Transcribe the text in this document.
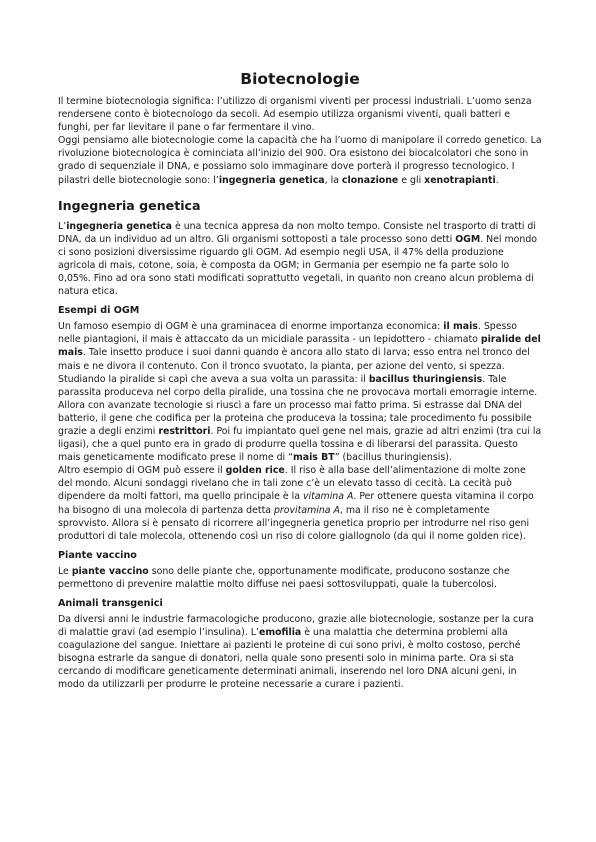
Biotecnologie

Il termine biotecnologia significa: l’utilizzo di organismi viventi per processi industriali. L’uomo senza rendersene conto è biotecnologo da secoli. Ad esempio utilizza organismi viventi, quali batteri e funghi, per far lievitare il pane o far fermentare il vino.

Oggi pensiamo alle biotecnologie come la capacità che ha l’uomo di manipolare il corredo genetico. La rivoluzione biotecnologica è cominciata all’inizio del 900. Ora esistono dei biocalcolatori che sono in grado di sequenziale il DNA, e possiamo solo immaginare dove porterà il progresso tecnologico. I pilastri delle biotecnologie sono: l’ingegneria genetica, la clonazione e gli xenotrapianti.

Ingegneria genetica

L’ingegneria genetica è una tecnica appresa da non molto tempo. Consiste nel trasporto di tratti di DNA, da un individuo ad un altro. Gli organismi sottoposti a tale processo sono detti OGM. Nel mondo ci sono posizioni diversissime riguardo gli OGM. Ad esempio negli USA, il 47% della produzione agricola di mais, cotone, soia, è composta da OGM; in Germania per esempio ne fa parte solo lo 0,05%. Fino ad ora sono stati modificati soprattutto vegetali, in quanto non creano alcun problema di natura etica.

Esempi di OGM

Un famoso esempio di OGM è una graminacea di enorme importanza economica: il mais. Spesso nelle piantagioni, il mais è attaccato da un micidiale parassita - un lepidottero - chiamato piralide del mais. Tale insetto produce i suoi danni quando è ancora allo stato di larva; esso entra nel tronco del mais e ne divora il contenuto. Con il tronco svuotato, la pianta, per azione del vento, si spezza. Studiando la piralide si capì che aveva a sua volta un parassita: il bacillus thuringiensis. Tale parassita produceva nel corpo della piralide, una tossina che ne provocava mortali emorragie interne. Allora con avanzate tecnologie si riuscì a fare un processo mai fatto prima. Si estrasse dal DNA del batterio, il gene che codifica per la proteina che produceva la tossina; tale procedimento fu possibile grazie a degli enzimi restrittori. Poi fu impiantato quel gene nel mais, grazie ad altri enzimi (tra cui la ligasi), che a quel punto era in grado di produrre quella tossina e di liberarsi del parassita. Questo mais geneticamente modificato prese il nome di “mais BT” (bacillus thuringiensis).

Altro esempio di OGM può essere il golden rice. Il riso è alla base dell’alimentazione di molte zone del mondo. Alcuni sondaggi rivelano che in tali zone c’è un elevato tasso di cecità. La cecità può dipendere da molti fattori, ma quello principale è la vitamina A. Per ottenere questa vitamina il corpo ha bisogno di una molecola di partenza detta provitamina A, ma il riso ne è completamente sprovvisto. Allora si è pensato di ricorrere all’ingegneria genetica proprio per introdurre nel riso geni produttori di tale molecola, ottenendo così un riso di colore giallognolo (da qui il nome golden rice).

Piante vaccino

Le piante vaccino sono delle piante che, opportunamente modificate, producono sostanze che permettono di prevenire malattie molto diffuse nei paesi sottosviluppati, quale la tubercolosi.

Animali transgenici

Da diversi anni le industrie farmacologiche producono, grazie alle biotecnologie, sostanze per la cura di malattie gravi (ad esempio l’insulina). L’emofilia è una malattia che determina problemi alla coagulazione del sangue. Iniettare ai pazienti le proteine di cui sono privi, è molto costoso, perché bisogna estrarle da sangue di donatori, nella quale sono presenti solo in minima parte. Ora si sta cercando di modificare geneticamente determinati animali, inserendo nel loro DNA alcuni geni, in modo da utilizzarli per produrre le proteine necessarie a curare i pazienti.
